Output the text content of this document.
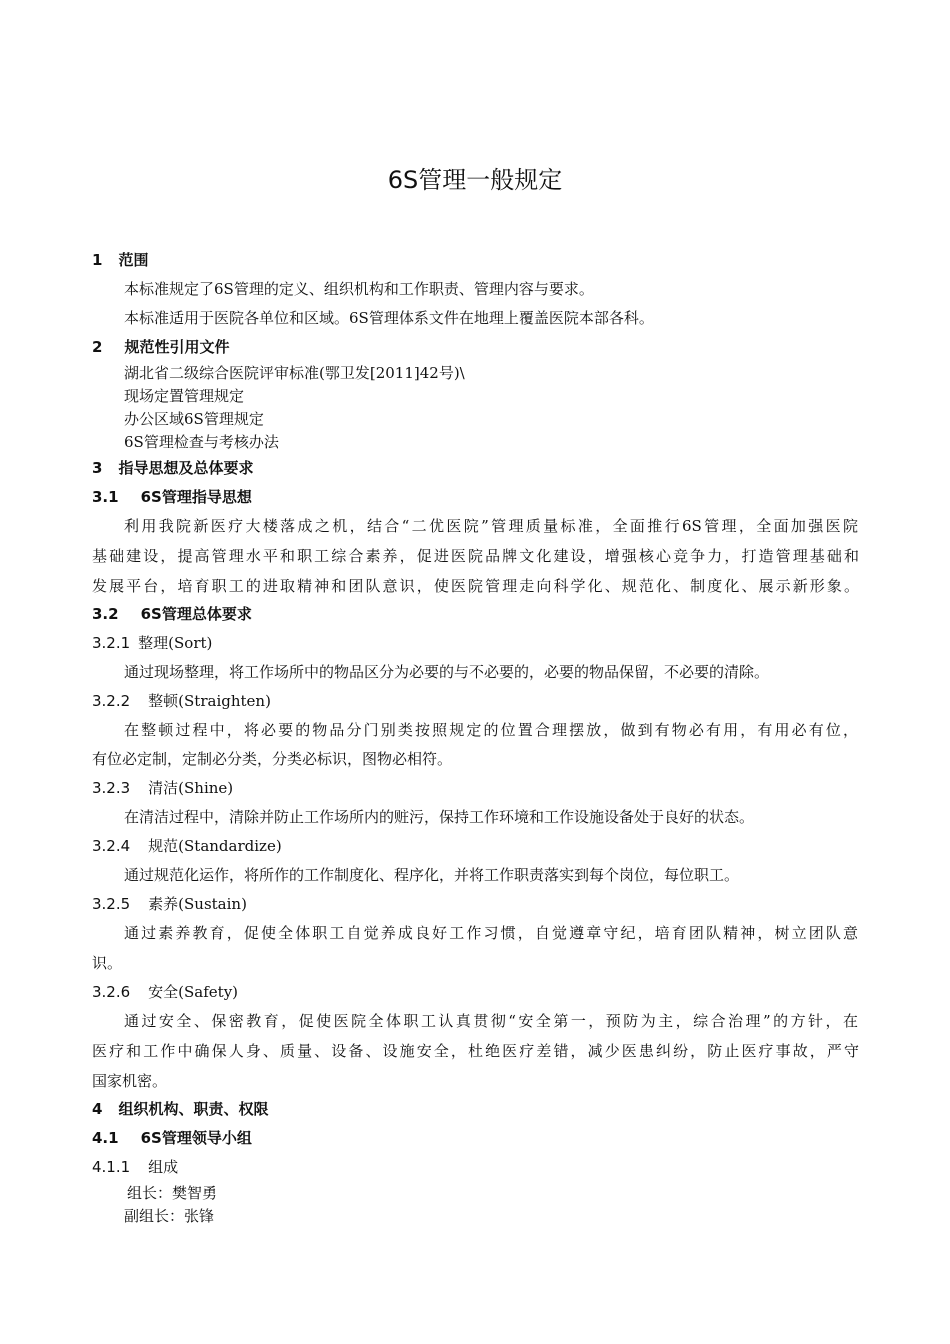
6S管理一般规定
1 范围
本标准规定了6S管理的定义、组织机构和工作职责、管理内容与要求。
本标准适用于医院各单位和区域。6S管理体系文件在地理上覆盖医院本部各科。
2 规范性引用文件
湖北省二级综合医院评审标准(鄂卫发[2011]42号)\
现场定置管理规定
办公区域6S管理规定
6S管理检查与考核办法
3 指导思想及总体要求
3.1 6S管理指导思想
利用我院新医疗大楼落成之机，结合“二优医院”管理质量标准，全面推行6S管理，全面加强医院
基础建设，提高管理水平和职工综合素养，促进医院品牌文化建设，增强核心竞争力，打造管理基础和
发展平台，培育职工的进取精神和团队意识，使医院管理走向科学化、规范化、制度化、展示新形象。
3.2 6S管理总体要求
3.2.1 整理(Sort)
通过现场整理，将工作场所中的物品区分为必要的与不必要的，必要的物品保留，不必要的清除。
3.2.2 整顿(Straighten)
在整顿过程中，将必要的物品分门别类按照规定的位置合理摆放，做到有物必有用，有用必有位，
有位必定制，定制必分类，分类必标识，图物必相符。
3.2.3 清洁(Shine)
在清洁过程中，清除并防止工作场所内的赃污，保持工作环境和工作设施设备处于良好的状态。
3.2.4 规范(Standardize)
通过规范化运作，将所作的工作制度化、程序化，并将工作职责落实到每个岗位，每位职工。
3.2.5 素养(Sustain)
通过素养教育，促使全体职工自觉养成良好工作习惯，自觉遵章守纪，培育团队精神，树立团队意
识。
3.2.6 安全(Safety)
通过安全、保密教育，促使医院全体职工认真贯彻“安全第一，预防为主，综合治理”的方针，在
医疗和工作中确保人身、质量、设备、设施安全，杜绝医疗差错，减少医患纠纷，防止医疗事故，严守
国家机密。
4 组织机构、职责、权限
4.1 6S管理领导小组
4.1.1 组成
组长：樊智勇
副组长：张锋
